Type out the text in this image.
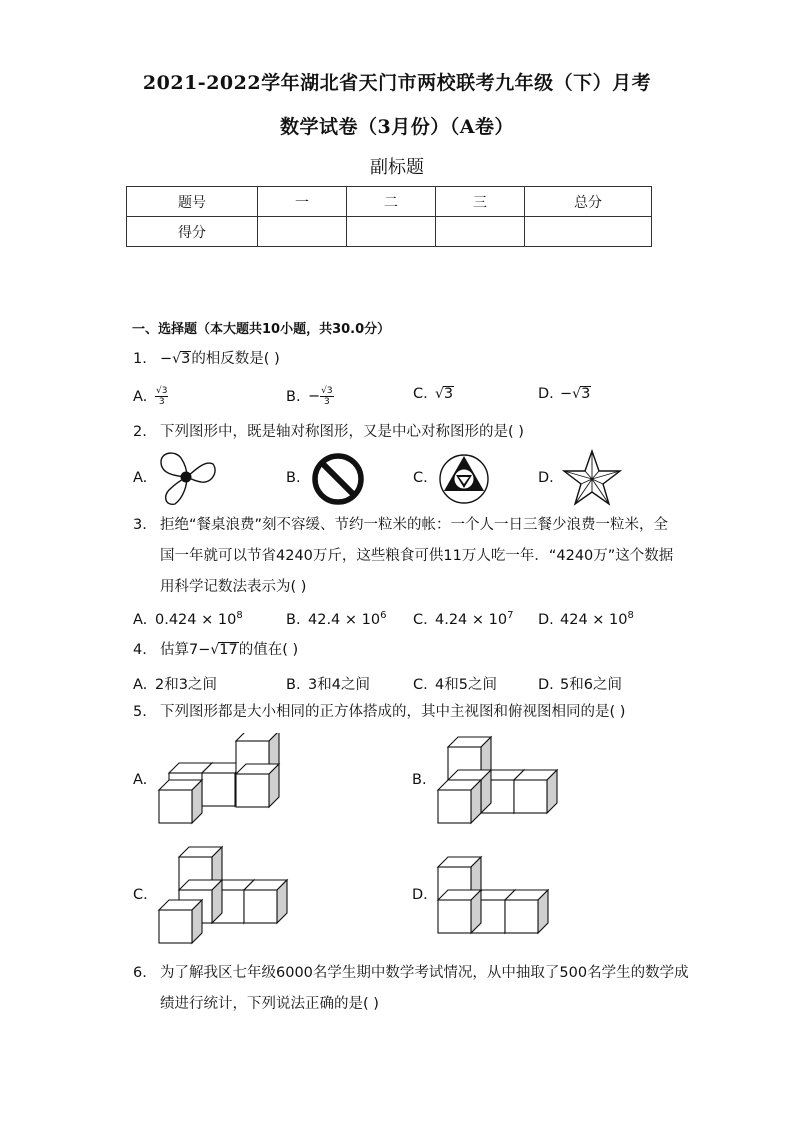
2021-2022学年湖北省天门市两校联考九年级（下）月考
数学试卷（3月份）（A卷）
副标题
题号	一	二	三	总分
得分				
一、选择题（本大题共10小题，共30.0分）
1. −√3的相反数是( )
A. $\frac{√3}{3}$	B. − $\frac{√3}{3}$	C. √3	D. −√3
2. 下列图形中，既是轴对称图形，又是中心对称图形的是( )
A.	B.	C.	D.
3. 拒绝“餐桌浪费”刻不容缓、节约一粒米的帐：一个人一日三餐少浪费一粒米，全
国一年就可以节省4240万斤，这些粮食可供11万人吃一年．“4240万”这个数据
用科学记数法表示为( )
A. $0.424 \times 10^8$	B. $42.4 \times 10^6$ C. $4.24 \times 10^7$ D. $424 \times 10^8$
4. 估算7−√17的值在( )
A. 2和3之间	B. 3和4之间	C. 4和5之间	D. 5和6之间
5. 下列图形都是大小相同的正方体搭成的，其中主视图和俯视图相同的是( )
A.	B.
C.	D.
6. 为了解我区七年级6000名学生期中数学考试情况，从中抽取了500名学生的数学成
绩进行统计，下列说法正确的是( )
